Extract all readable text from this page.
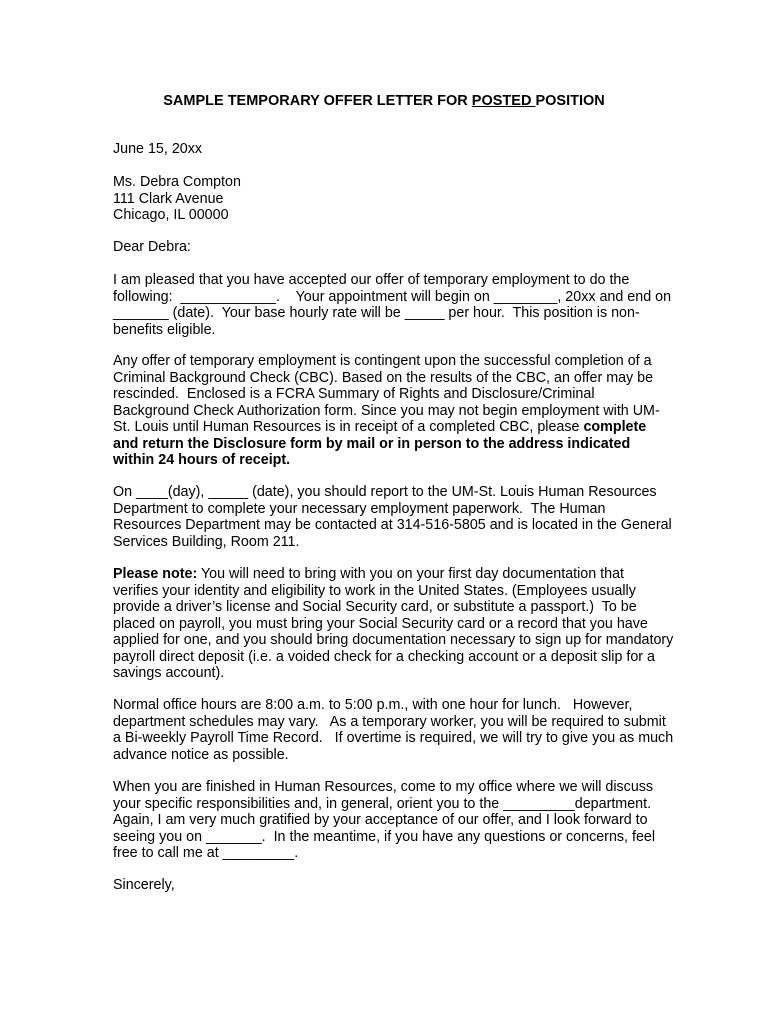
SAMPLE TEMPORARY OFFER LETTER FOR POSTED POSITION
June 15, 20xx
Ms. Debra Compton
111 Clark Avenue
Chicago, IL 00000
Dear Debra:
I am pleased that you have accepted our offer of temporary employment to do the
following:  ____________.    Your appointment will begin on ________, 20xx and end on
_______ (date).  Your base hourly rate will be _____ per hour.  This position is non-
benefits eligible.
Any offer of temporary employment is contingent upon the successful completion of a
Criminal Background Check (CBC). Based on the results of the CBC, an offer may be
rescinded.  Enclosed is a FCRA Summary of Rights and Disclosure/Criminal
Background Check Authorization form. Since you may not begin employment with UM-
St. Louis until Human Resources is in receipt of a completed CBC, please complete
and return the Disclosure form by mail or in person to the address indicated
within 24 hours of receipt.
On ____(day), _____ (date), you should report to the UM-St. Louis Human Resources
Department to complete your necessary employment paperwork.  The Human
Resources Department may be contacted at 314-516-5805 and is located in the General
Services Building, Room 211.
Please note: You will need to bring with you on your first day documentation that
verifies your identity and eligibility to work in the United States. (Employees usually
provide a driver’s license and Social Security card, or substitute a passport.)  To be
placed on payroll, you must bring your Social Security card or a record that you have
applied for one, and you should bring documentation necessary to sign up for mandatory
payroll direct deposit (i.e. a voided check for a checking account or a deposit slip for a
savings account).
Normal office hours are 8:00 a.m. to 5:00 p.m., with one hour for lunch.   However,
department schedules may vary.   As a temporary worker, you will be required to submit
a Bi-weekly Payroll Time Record.   If overtime is required, we will try to give you as much
advance notice as possible.
When you are finished in Human Resources, come to my office where we will discuss
your specific responsibilities and, in general, orient you to the _________department.
Again, I am very much gratified by your acceptance of our offer, and I look forward to
seeing you on _______.  In the meantime, if you have any questions or concerns, feel
free to call me at _________.
Sincerely,
